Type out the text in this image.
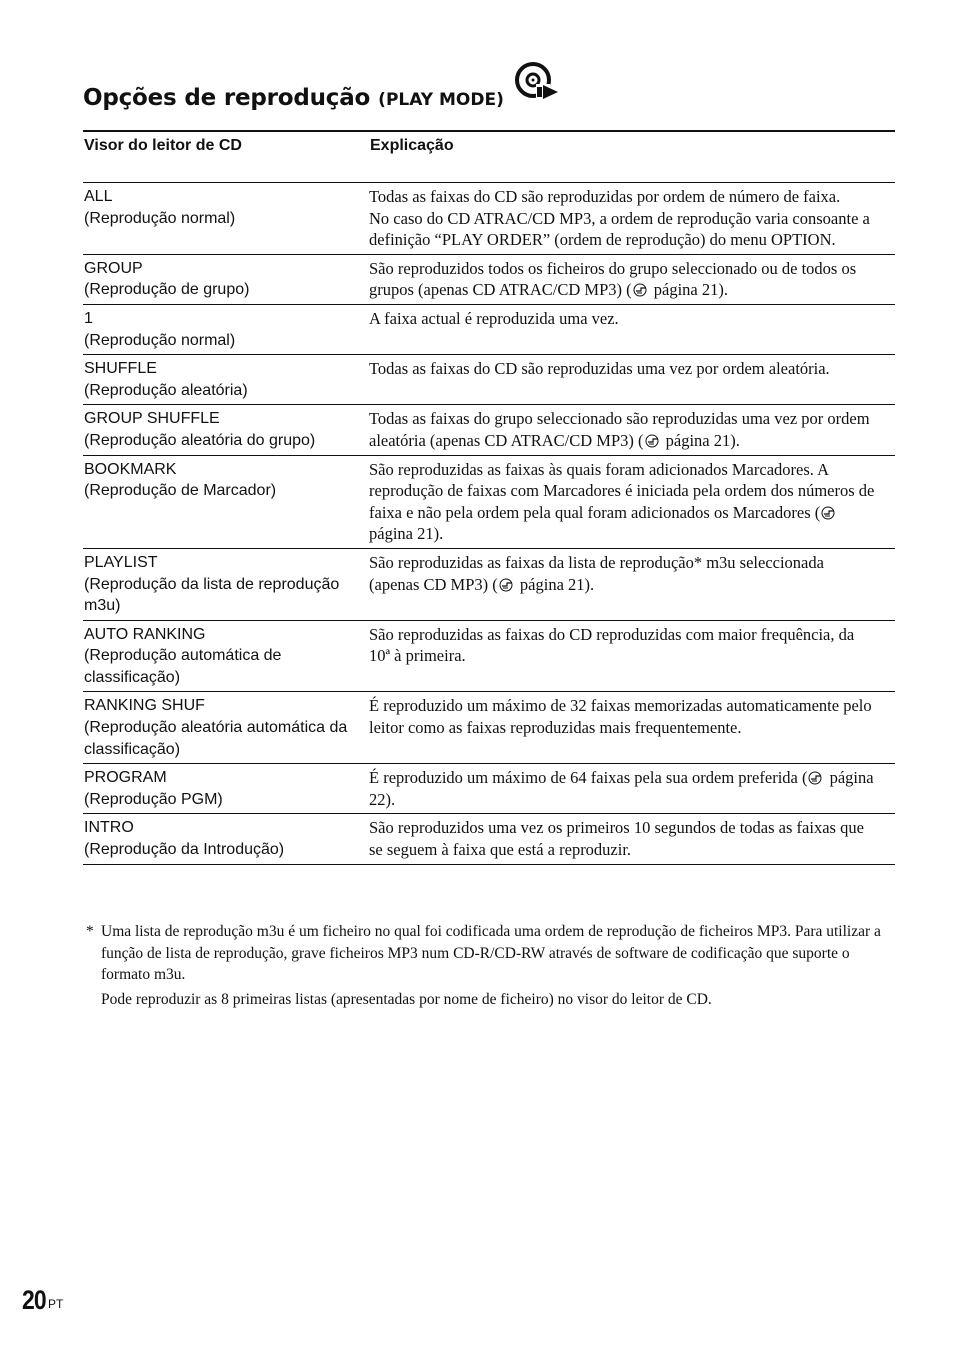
Opções de reprodução (PLAY MODE)
Visor do leitor de CD	Explicação

ALL
(Reprodução normal)	Todas as faixas do CD são reproduzidas por ordem de número de faixa.
No caso do CD ATRAC/CD MP3, a ordem de reprodução varia consoante a definição “PLAY ORDER” (ordem de reprodução) do menu OPTION.

GROUP
(Reprodução de grupo)	São reproduzidos todos os ficheiros do grupo seleccionado ou de todos os grupos (apenas CD ATRAC/CD MP3) ( página 21).

1
(Reprodução normal)	A faixa actual é reproduzida uma vez.

SHUFFLE
(Reprodução aleatória)	Todas as faixas do CD são reproduzidas uma vez por ordem aleatória.

GROUP SHUFFLE
(Reprodução aleatória do grupo)	Todas as faixas do grupo seleccionado são reproduzidas uma vez por ordem aleatória (apenas CD ATRAC/CD MP3) ( página 21).

BOOKMARK
(Reprodução de Marcador)	São reproduzidas as faixas às quais foram adicionados Marcadores. A reprodução de faixas com Marcadores é iniciada pela ordem dos números de faixa e não pela ordem pela qual foram adicionados os Marcadores ( página 21).

PLAYLIST
(Reprodução da lista de reprodução m3u)	São reproduzidas as faixas da lista de reprodução* m3u seleccionada (apenas CD MP3) ( página 21).

AUTO RANKING
(Reprodução automática de classificação)	São reproduzidas as faixas do CD reproduzidas com maior frequência, da 10ª à primeira.

RANKING SHUF
(Reprodução aleatória automática da classificação)	É reproduzido um máximo de 32 faixas memorizadas automaticamente pelo leitor como as faixas reproduzidas mais frequentemente.

PROGRAM
(Reprodução PGM)	É reproduzido um máximo de 64 faixas pela sua ordem preferida ( página 22).

INTRO
(Reprodução da Introdução)	São reproduzidos uma vez os primeiros 10 segundos de todas as faixas que se seguem à faixa que está a reproduzir.
* Uma lista de reprodução m3u é um ficheiro no qual foi codificada uma ordem de reprodução de ficheiros MP3. Para utilizar a função de lista de reprodução, grave ficheiros MP3 num CD-R/CD-RW através de software de codificação que suporte o formato m3u.
Pode reproduzir as 8 primeiras listas (apresentadas por nome de ficheiro) no visor do leitor de CD.
20 PT
